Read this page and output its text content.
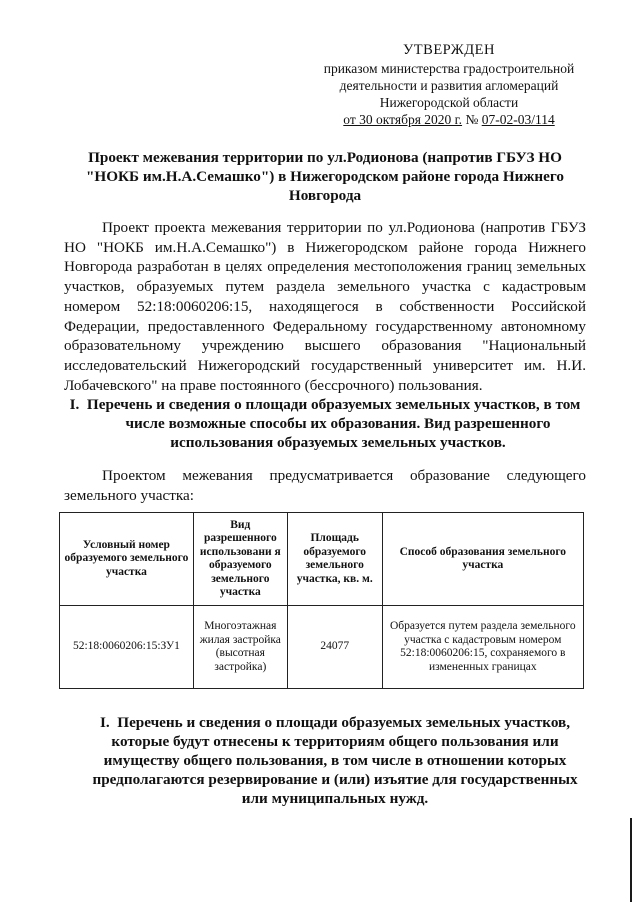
УТВЕРЖДЕН
приказом министерства градостроительной
деятельности и развития агломераций
Нижегородской области
от 30 октября 2020 г. № 07-02-03/114
Проект межевания территории по ул.Родионова (напротив ГБУЗ НО "НОКБ им.Н.А.Семашко") в Нижегородском районе города Нижнего Новгорода
Проект проекта межевания территории по ул.Родионова (напротив ГБУЗ НО "НОКБ им.Н.А.Семашко") в Нижегородском районе города Нижнего Новгорода разработан в целях определения местоположения границ земельных участков, образуемых путем раздела земельного участка с кадастровым номером 52:18:0060206:15, находящегося в собственности Российской Федерации, предоставленного Федеральному государственному автономному образовательному учреждению высшего образования "Национальный исследовательский Нижегородский государственный университет им. Н.И. Лобачевского" на праве постоянного (бессрочного) пользования.
I. Перечень и сведения о площади образуемых земельных участков, в том
числе возможные способы их образования. Вид разрешенного
использования образуемых земельных участков.
Проектом межевания предусматривается образование следующего земельного участка:
Условный номер образуемого земельного участка	Вид разрешенного использовани я образуемого земельного участка	Площадь образуемого земельного участка, кв. м.	Способ образования земельного участка
52:18:0060206:15:ЗУ1	Многоэтажная жилая застройка (высотная застройка)	24077	Образуется путем раздела земельного участка с кадастровым номером 52:18:0060206:15, сохраняемого в измененных границах
I. Перечень и сведения о площади образуемых земельных участков,
которые будут отнесены к территориям общего пользования или
имуществу общего пользования, в том числе в отношении которых
предполагаются резервирование и (или) изъятие для государственных
или муниципальных нужд.
